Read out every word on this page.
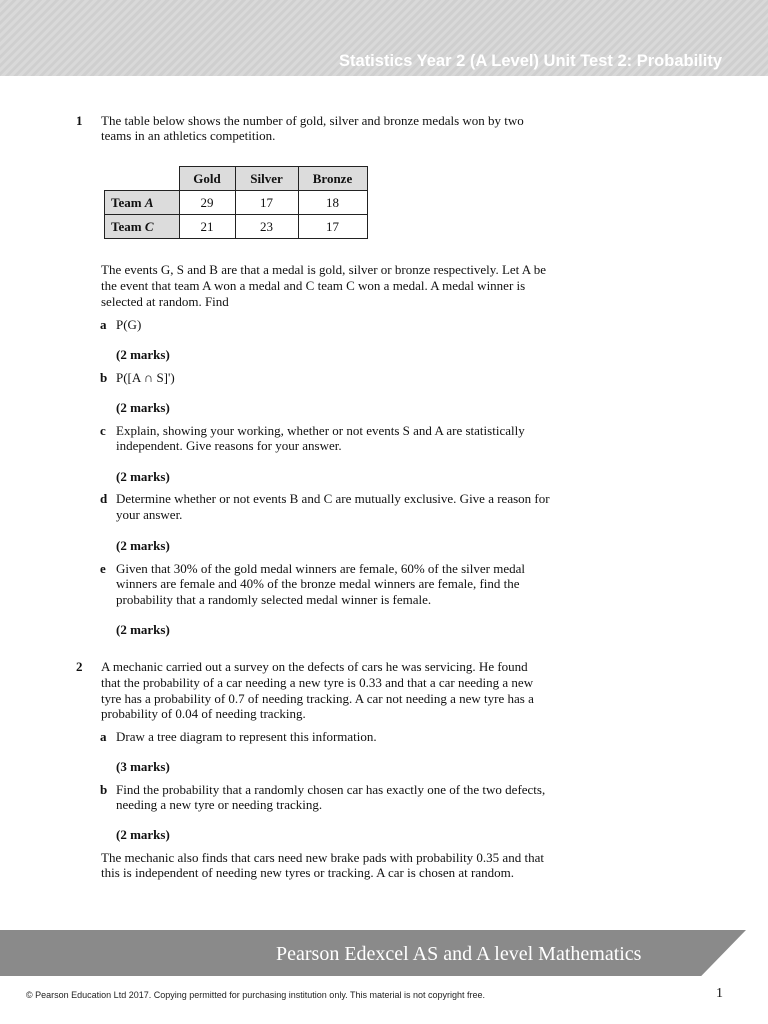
Statistics Year 2 (A Level) Unit Test 2: Probability
1 The table below shows the number of gold, silver and bronze medals won by two
teams in an athletics competition.
	Gold	Silver	Bronze
Team A	29	17	18
Team C	21	23	17
The events G, S and B are that a medal is gold, silver or bronze respectively. Let A be
the event that team A won a medal and C team C won a medal. A medal winner is
selected at random. Find
a P(G)
(2 marks)
b P([A ∩ S]')
(2 marks)
c Explain, showing your working, whether or not events S and A are statistically
independent. Give reasons for your answer.
(2 marks)
d Determine whether or not events B and C are mutually exclusive. Give a reason for
your answer.
(2 marks)
e Given that 30% of the gold medal winners are female, 60% of the silver medal
winners are female and 40% of the bronze medal winners are female, find the
probability that a randomly selected medal winner is female.
(2 marks)
2 A mechanic carried out a survey on the defects of cars he was servicing. He found
that the probability of a car needing a new tyre is 0.33 and that a car needing a new
tyre has a probability of 0.7 of needing tracking. A car not needing a new tyre has a
probability of 0.04 of needing tracking.
a Draw a tree diagram to represent this information.
(3 marks)
b Find the probability that a randomly chosen car has exactly one of the two defects,
needing a new tyre or needing tracking.
(2 marks)
The mechanic also finds that cars need new brake pads with probability 0.35 and that
this is independent of needing new tyres or tracking. A car is chosen at random.
Pearson Edexcel AS and A level Mathematics
© Pearson Education Ltd 2017. Copying permitted for purchasing institution only. This material is not copyright free.	1
